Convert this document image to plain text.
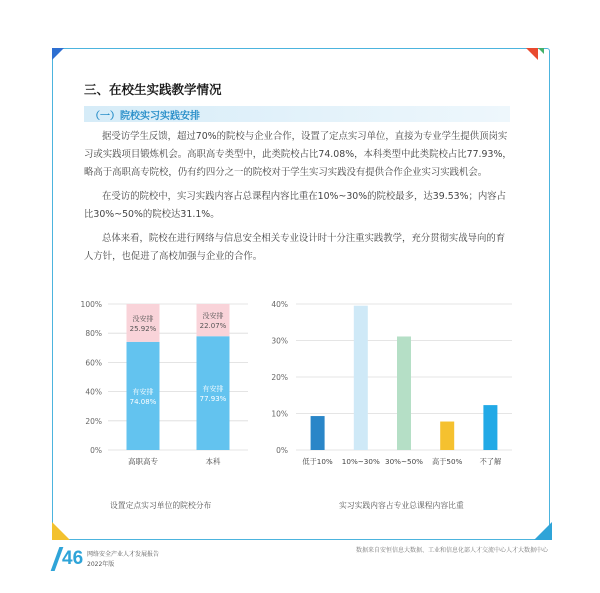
三、在校生实践教学情况
（一）院校实习实践安排

据受访学生反馈，超过70%的院校与企业合作，设置了定点实习单位，直接为专业学生提供顶岗实习或实践项目锻炼机会。高职高专类型中，此类院校占比74.08%，本科类型中此类院校占比77.93%，略高于高职高专院校，仍有约四分之一的院校对于学生实习实践没有提供合作企业实习实践机会。

在受访的院校中，实习实践内容占总课程内容比重在10%~30%的院校最多，达39.53%；内容占比30%~50%的院校达31.1%。

总体来看，院校在进行网络与信息安全相关专业设计时十分注重实践教学，充分贯彻实战导向的育人方针，也促进了高校加强与企业的合作。

0%
20%
40%
60%
80%
100%
有安排
74.08%
没安排
25.92%
高职高专
有安排
77.93%
没安排
22.07%
本科
0%
10%
20%
30%
40%
低于10% 10%~30% 30%~50% 高于50% 不了解
设置定点实习单位的院校分布	实习实践内容占专业总课程内容比重
46 网络安全产业人才发展报告
2022年版
数据来自安恒信息大数据、工业和信息化部人才交流中心人才大数据中心
